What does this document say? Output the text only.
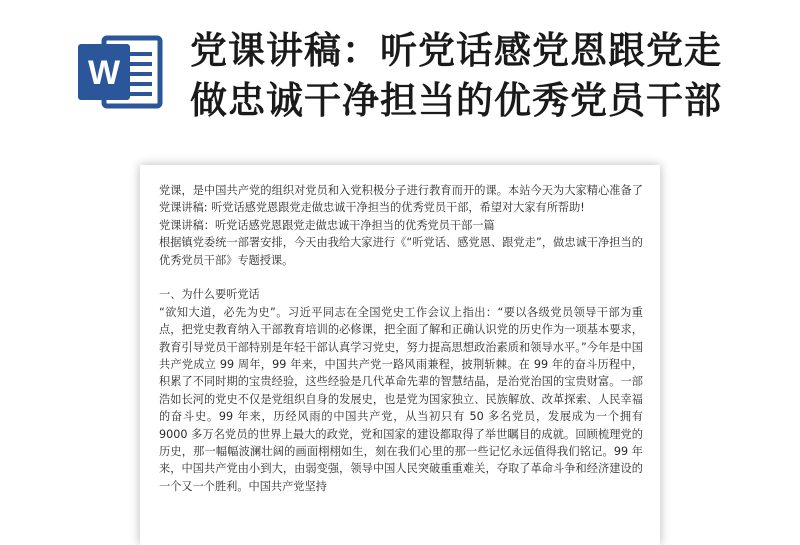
W
党课讲稿：听党话感党恩跟党走
做忠诚干净担当的优秀党员干部

党课，是中国共产党的组织对党员和入党积极分子进行教育而开的课。本站今天为大家精心准备了党课讲稿: 听党话感党恩跟党走做忠诚干净担当的优秀党员干部，希望对大家有所帮助!

党课讲稿：听党话感党恩跟党走做忠诚干净担当的优秀党员干部一篇

根据镇党委统一部署安排，今天由我给大家进行《“听党话、感党恩、跟党走”，做忠诚干净担当的优秀党员干部》专题授课。

一、为什么要听党话

“欲知大道，必先为史”。习近平同志在全国党史工作会议上指出：“要以各级党员领导干部为重点，把党史教育纳入干部教育培训的必修课，把全面了解和正确认识党的历史作为一项基本要求，教育引导党员干部特别是年轻干部认真学习党史，努力提高思想政治素质和领导水平。”今年是中国共产党成立 99 周年，99 年来，中国共产党一路风雨兼程，披荆斩棘。在 99 年的奋斗历程中，积累了不同时期的宝贵经验，这些经验是几代革命先辈的智慧结晶，是治党治国的宝贵财富。一部浩如长河的党史不仅是党组织自身的发展史，也是党为国家独立、民族解放、改革探索、人民幸福的奋斗史。99 年来，历经风雨的中国共产党，从当初只有 50 多名党员，发展成为一个拥有 9000 多万名党员的世界上最大的政党，党和国家的建设都取得了举世瞩目的成就。回顾梳理党的历史，那一幅幅波澜壮阔的画面栩栩如生，刻在我们心里的那一些记忆永远值得我们铭记。99 年来，中国共产党由小到大，由弱变强，领导中国人民突破重重难关，夺取了革命斗争和经济建设的一个又一个胜利。中国共产党坚持
